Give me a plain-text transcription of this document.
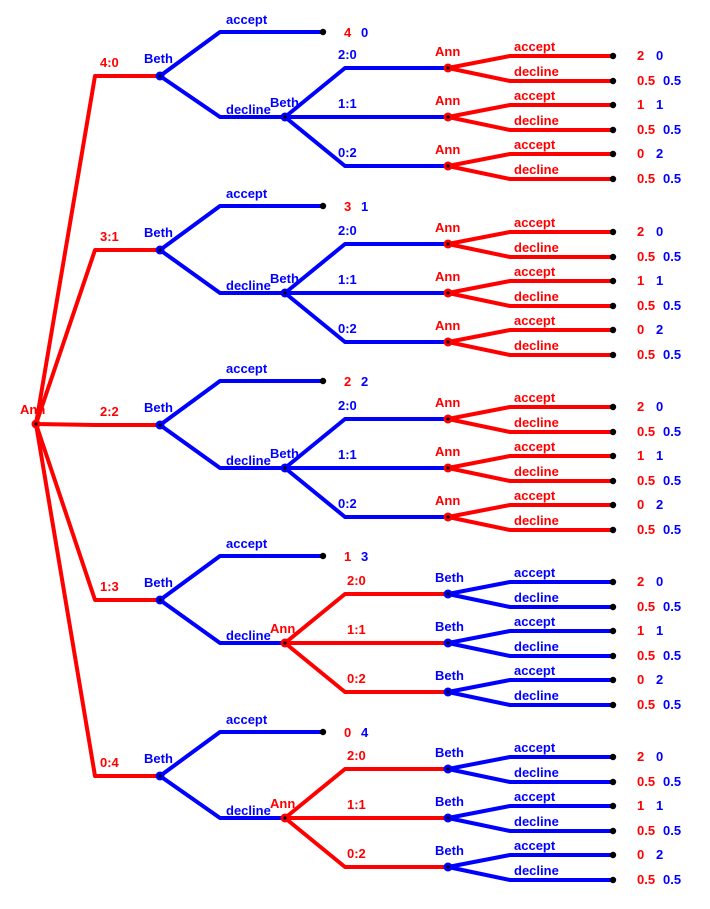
4:0 Beth
accept
4 0
decline Beth
2:0	Ann	accept
decline
2 0
0.5 0.5
1:1	Ann	accept
decline
1 1
0.5 0.5
0:2	Ann	accept
decline
0 2
0.5 0.5
3:1 Beth
accept
3 1
decline Beth
2:0	Ann	accept
decline
2 0
0.5 0.5
1:1	Ann	accept
decline
1 1
0.5 0.5
0:2	Ann	accept
decline
0 2
0.5 0.5
2:2 Beth
accept
2 2
decline Beth
2:0	Ann	accept
decline
2 0
0.5 0.5
1:1	Ann	accept
decline
1 1
0.5 0.5
0:2	Ann	accept
decline
0 2
0.5 0.5
1:3 Beth
accept
1 3
decline Ann
2:0	Beth	accept
decline
2 0
0.5 0.5
1:1	Beth	accept
decline
1 1
0.5 0.5
0:2	Beth	accept
decline
0 2
0.5 0.5
0:4 Beth
accept
0 4
decline Ann
2:0	Beth	accept
decline
2 0
0.5 0.5
1:1	Beth	accept
decline
1 1
0.5 0.5
0:2	Beth	accept
decline
0 2
0.5 0.5
Ann
